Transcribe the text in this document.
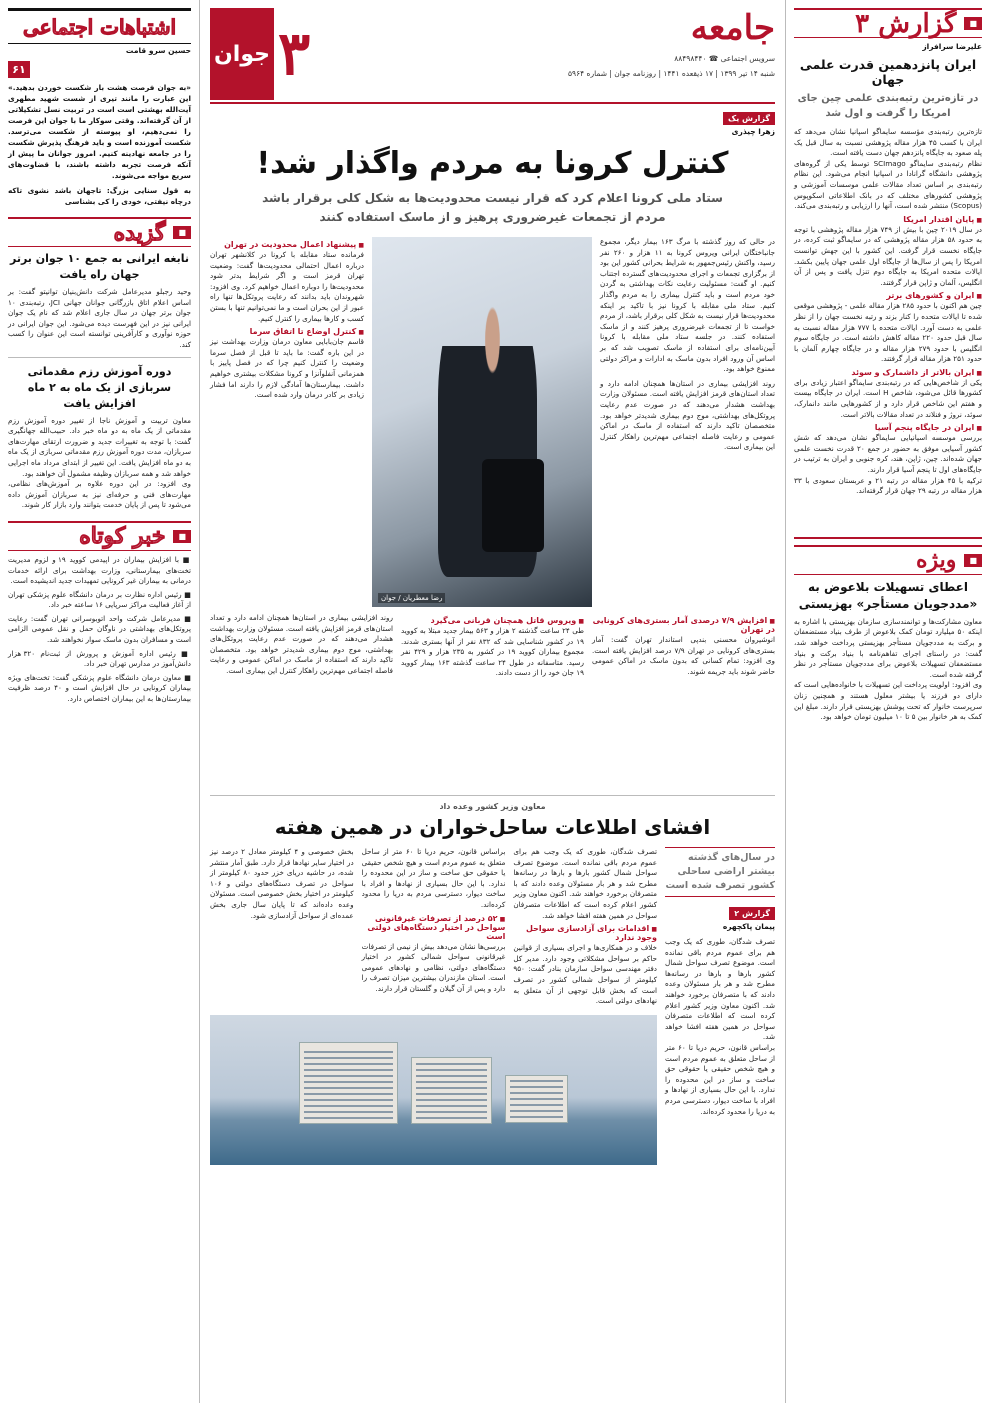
■
گزارش ۳
علیرضا سرافراز
ایران پانزدهمین قدرت علمی جهان
در تازه‌ترین رتبه‌بندی علمی چین جای امریکا را گرفت و اول شد
تازه‌ترین رتبه‌بندی مؤسسه سایماگو اسپانیا نشان می‌دهد که ایران با کسب ۴۵ هزار مقاله پژوهشی نسبت به سال قبل یک پله صعود به جایگاه پانزدهم جهان دست یافته است.
نظام رتبه‌بندی سایماگو SCImago توسط یکی از گروه‌های پژوهشی دانشگاه گرانادا در اسپانیا انجام می‌شود. این نظام رتبه‌بندی بر اساس تعداد مقالات علمی موسسات آموزشی و پژوهشی کشورهای مختلف که در بانک اطلاعاتی اسکوپوس (Scopus) منتشر شده است، آنها را ارزیابی و رتبه‌بندی می‌کند.
■ پایان اقتدار امریکا
در سال ۲۰۱۹ چین با بیش از ۷۴۹ هزار مقاله پژوهشی با توجه به حدود ۵۸ هزار مقاله پژوهشی که در سایماگو ثبت کرده، در جایگاه نخست قرار گرفت. این کشور با این جهش توانست امریکا را پس از سال‌ها از جایگاه اول علمی جهان پایین بکشد. ایالات متحده امریکا به جایگاه دوم تنزل یافت و پس از آن انگلیس، آلمان و ژاپن قرار گرفتند.
■ ایران و کشورهای برتر
چین هم اکنون با حدود ۲۸۵ هزار مقاله علمی - پژوهشی موقعی شده تا ایالات متحده را کنار بزند و رتبه نخست جهان را از نظر علمی به دست آورد. ایالات متحده با ۷۷۷ هزار مقاله نسبت به سال قبل حدود ۲۲۰ مقاله کاهش داشته است. در جایگاه سوم انگلیس با حدود ۲۷۹ هزار مقاله و در جایگاه چهارم آلمان با حدود ۲۵۱ هزار مقاله قرار گرفتند.
■ ایران بالاتر از داشمارک و سوئد
یکی از شاخص‌هایی که در رتبه‌بندی سایماگو اعتبار زیادی برای کشورها قائل می‌شود، شاخص H است. ایران در جایگاه بیست و هفتم این شاخص قرار دارد و از کشورهایی مانند دانمارک، سوئد، نروژ و فنلاند در تعداد مقالات بالاتر است.
■ ایران در جایگاه پنجم آسیا
بررسی موسسه اسپانیایی سایماگو نشان می‌دهد که شش کشور آسیایی موفق به حضور در جمع ۲۰ قدرت نخست علمی جهان شده‌اند. چین، ژاپن، هند، کره جنوبی و ایران به ترتیب در جایگاه‌های اول تا پنجم آسیا قرار دارند.
ترکیه با ۴۵ هزار مقاله در رتبه ۲۱ و عربستان سعودی با ۳۳ هزار مقاله در رتبه ۲۹ جهان قرار گرفته‌اند.
■
ویژه
اعطای تسهیلات بلاعوض به «مددجویان مستأجر» بهزیستی
معاون مشارکت‌ها و توانمندسازی سازمان بهزیستی با اشاره به اینکه ۵۰ میلیارد تومان کمک بلاعوض از طرف بنیاد مستضعفان و برکت به مددجویان مستأجر بهزیستی پرداخت خواهد شد، گفت: در راستای اجرای تفاهم‌نامه با بنیاد برکت و بنیاد مستضعفان تسهیلات بلاعوض برای مددجویان مستأجر در نظر گرفته شده است.
وی افزود: اولویت پرداخت این تسهیلات با خانواده‌هایی است که دارای دو فرزند یا بیشتر معلول هستند و همچنین زنان سرپرست خانوار که تحت پوشش بهزیستی قرار دارند. مبلغ این کمک به هر خانوار بین ۵ تا ۱۰ میلیون تومان خواهد بود.
جامعه
سرویس اجتماعی ☎ ۸۸۴۹۸۴۴۰
شنبه ۱۴ تیر ۱۳۹۹ | ۱۷ ذیقعده ۱۴۴۱ | روزنامه جوان | شماره ۵۹۶۴
۳
جوان
گزارش یک
زهرا چیذری
کنترل کرونا به مردم واگذار شد!
ستاد ملی کرونا اعلام کرد که قرار نیست محدودیت‌ها به شکل کلی برقرار باشد
مردم از تجمعات غیرضروری پرهیز و از ماسک استفاده کنند
در حالی که روز گذشته با مرگ ۱۶۳ بیمار دیگر، مجموع جانباختگان ایرانی ویروس کرونا به ۱۱ هزار و ۲۶۰ نفر رسید، واکنش رئیس‌جمهور به شرایط بحرانی کشور این بود از برگزاری تجمعات و اجرای محدودیت‌های گسترده اجتناب کنیم. او گفت: مسئولیت رعایت نکات بهداشتی به گردن خود مردم است و باید کنترل بیماری را به مردم واگذار کنیم. ستاد ملی مقابله با کرونا نیز با تاکید بر اینکه محدودیت‌ها قرار نیست به شکل کلی برقرار باشد، از مردم خواست تا از تجمعات غیرضروری پرهیز کنند و از ماسک استفاده کنند. در جلسه ستاد ملی مقابله با کرونا آیین‌نامه‌ای برای استفاده از ماسک تصویب شد که بر اساس آن ورود افراد بدون ماسک به ادارات و مراکز دولتی ممنوع خواهد بود.
روند افزایشی بیماری در استان‌ها همچنان ادامه دارد و تعداد استان‌های قرمز افزایش یافته است. مسئولان وزارت بهداشت هشدار می‌دهند که در صورت عدم رعایت پروتکل‌های بهداشتی، موج دوم بیماری شدیدتر خواهد بود. متخصصان تاکید دارند که استفاده از ماسک در اماکن عمومی و رعایت فاصله اجتماعی مهم‌ترین راهکار کنترل این بیماری است.
رضا معطریان / جوان
■ پیشنهاد اعمال محدودیت در تهران
فرمانده ستاد مقابله با کرونا در کلانشهر تهران درباره اعمال احتمالی محدودیت‌ها گفت: وضعیت تهران قرمز است و اگر شرایط بدتر شود محدودیت‌ها را دوباره اعمال خواهیم کرد. وی افزود: شهروندان باید بدانند که رعایت پروتکل‌ها تنها راه عبور از این بحران است و ما نمی‌توانیم تنها با بستن کسب و کارها بیماری را کنترل کنیم.
■ کنترل اوضاع تا اتفاق سرما
قاسم جان‌بابایی معاون درمان وزارت بهداشت نیز در این باره گفت: ما باید تا قبل از فصل سرما وضعیت را کنترل کنیم چرا که در فصل پاییز با همزمانی آنفلوآنزا و کرونا مشکلات بیشتری خواهیم داشت. بیمارستان‌ها آمادگی لازم را دارند اما فشار زیادی بر کادر درمان وارد شده است.
■ افزایش ۷/۹ درصدی آمار بستری‌های کرونایی در تهران
انوشیروان محسنی بندپی استاندار تهران گفت: آمار بستری‌های کرونایی در تهران ۷/۹ درصد افزایش یافته است. وی افزود: تمام کسانی که بدون ماسک در اماکن عمومی حاضر شوند باید جریمه شوند.
■ ویروس قاتل همچنان قربانی می‌گیرد
طی ۲۴ ساعت گذشته ۲ هزار و ۵۶۳ بیمار جدید مبتلا به کووید ۱۹ در کشور شناسایی شد که ۸۳۲ نفر از آنها بستری شدند. مجموع بیماران کووید ۱۹ در کشور به ۲۳۵ هزار و ۴۲۹ نفر رسید. متاسفانه در طول ۲۴ ساعت گذشته ۱۶۳ بیمار کووید ۱۹ جان خود را از دست دادند.
روند افزایشی بیماری در استان‌ها همچنان ادامه دارد و تعداد استان‌های قرمز افزایش یافته است. مسئولان وزارت بهداشت هشدار می‌دهند که در صورت عدم رعایت پروتکل‌های بهداشتی، موج دوم بیماری شدیدتر خواهد بود. متخصصان تاکید دارند که استفاده از ماسک در اماکن عمومی و رعایت فاصله اجتماعی مهم‌ترین راهکار کنترل این بیماری است.
معاون وزیر کشور وعده داد
افشای اطلاعات ساحل‌خواران در همین هفته
در سال‌های گذشته بیشتر اراضی ساحلی کشور تصرف شده است
گزارش ۲
پیمان پاکچهره
تصرف شدگان، طوری که یک وجب هم برای عموم مردم باقی نمانده است. موضوع تصرف سواحل شمال کشور بارها و بارها در رسانه‌ها مطرح شد و هر بار مسئولان وعده دادند که با متصرفان برخورد خواهند شد. اکنون معاون وزیر کشور اعلام کرده است که اطلاعات متصرفان سواحل در همین هفته افشا خواهد شد.
براساس قانون، حریم دریا تا ۶۰ متر از ساحل متعلق به عموم مردم است و هیچ شخص حقیقی یا حقوقی حق ساخت و ساز در این محدوده را ندارد. با این حال بسیاری از نهادها و افراد با ساخت دیوار، دسترسی مردم به دریا را محدود کرده‌اند.
تصرف شدگان، طوری که یک وجب هم برای عموم مردم باقی نمانده است. موضوع تصرف سواحل شمال کشور بارها و بارها در رسانه‌ها مطرح شد و هر بار مسئولان وعده دادند که با متصرفان برخورد خواهند شد. اکنون معاون وزیر کشور اعلام کرده است که اطلاعات متصرفان سواحل در همین هفته افشا خواهد شد.
■ اقدامات برای آزادسازی سواحل وجود ندارد
خلاف و در همکاری‌ها و اجرای بسیاری از قوانین حاکم بر سواحل مشکلاتی وجود دارد. مدیر کل دفتر مهندسی سواحل سازمان بنادر گفت: ۹۵۰ کیلومتر از سواحل شمالی کشور در تصرف است که بخش قابل توجهی از آن متعلق به نهادهای دولتی است.
براساس قانون، حریم دریا تا ۶۰ متر از ساحل متعلق به عموم مردم است و هیچ شخص حقیقی یا حقوقی حق ساخت و ساز در این محدوده را ندارد. با این حال بسیاری از نهادها و افراد با ساخت دیوار، دسترسی مردم به دریا را محدود کرده‌اند.
■ ۵۲ درصد از تصرفات غیرقانونی سواحل در اختیار دستگاه‌های دولتی است
بررسی‌ها نشان می‌دهد بیش از نیمی از تصرفات غیرقانونی سواحل شمالی کشور در اختیار دستگاه‌های دولتی، نظامی و نهادهای عمومی است. استان مازندران بیشترین میزان تصرف را دارد و پس از آن گیلان و گلستان قرار دارند.
بخش خصوصی و ۴ کیلومتر معادل ۲ درصد نیز در اختیار سایر نهادها قرار دارد. طبق آمار منتشر شده، در حاشیه دریای خزر حدود ۸۰ کیلومتر از سواحل در تصرف دستگاه‌های دولتی و ۱۰۶ کیلومتر در اختیار بخش خصوصی است. مسئولان وعده داده‌اند که تا پایان سال جاری بخش عمده‌ای از سواحل آزادسازی شود.
اشتباهات اجتماعی
حسین سرو قامت
۶۱
«به جوان فرصت هشت بار شکست خوردن بدهید.» این عبارت را مانند تیری از شست شهید مطهری آیت‌الله بهشتی است است در تربیت نسل تشکیلاتی از آن گرفته‌اند. وقتی سوکار ما با جوان این فرصت را نمی‌دهیم، او پیوسته از شکست می‌ترسد. شکست آموزنده است و باید فرهنگ پذیرش شکست را در جامعه نهادینه کنیم. امروز جوانان ما پیش از آنکه فرصت تجربه داشته باشند، با قضاوت‌های سریع مواجه می‌شوند.
به قول سنایی بزرگ: تاجهان باشد نشوی تاکه درچاه نیفتی، خودی را کی بشناسی
■
گزیده
نابغه ایرانی به جمع ۱۰ جوان برتر جهان راه یافت
وحید رجبلو مدیرعامل شرکت دانش‌بنیان توانیتو گفت: بر اساس اعلام اتاق بازرگانی جوانان جهانی JCI، رتبه‌بندی ۱۰ جوان برتر جهان در سال جاری اعلام شد که نام یک جوان ایرانی نیز در این فهرست دیده می‌شود. این جوان ایرانی در حوزه نوآوری و کارآفرینی توانسته است این عنوان را کسب کند.
دوره آموزش رزم مقدماتی سربازی از یک ماه به ۲ ماه افزایش یافت
معاون تربیت و آموزش ناجا از تغییر دوره آموزش رزم مقدماتی از یک ماه به دو ماه خبر داد. حبیب‌الله جهانگیری گفت: با توجه به تغییرات جدید و ضرورت ارتقای مهارت‌های سربازان، مدت دوره آموزش رزم مقدماتی سربازی از یک ماه به دو ماه افزایش یافت. این تغییر از ابتدای مرداد ماه اجرایی خواهد شد و همه سربازان وظیفه مشمول آن خواهند بود.
وی افزود: در این دوره علاوه بر آموزش‌های نظامی، مهارت‌های فنی و حرفه‌ای نیز به سربازان آموزش داده می‌شود تا پس از پایان خدمت بتوانند وارد بازار کار شوند.
■
خبر کوتاه
■ با افزایش بیماران در اپیدمی کووید ۱۹ و لزوم مدیریت تخت‌های بیمارستانی، وزارت بهداشت برای ارائه خدمات درمانی به بیماران غیر کرونایی تمهیدات جدید اندیشیده است.
■ رئیس اداره نظارت بر درمان دانشگاه علوم پزشکی تهران از آغاز فعالیت مراکز سرپایی ۱۶ ساعته خبر داد.
■ مدیرعامل شرکت واحد اتوبوسرانی تهران گفت: رعایت پروتکل‌های بهداشتی در ناوگان حمل و نقل عمومی الزامی است و مسافران بدون ماسک سوار نخواهند شد.
■ رئیس اداره آموزش و پرورش از ثبت‌نام ۳۲۰ هزار دانش‌آموز در مدارس تهران خبر داد.
■ معاون درمان دانشگاه علوم پزشکی گفت: تخت‌های ویژه بیماران کرونایی در حال افزایش است و ۴۰ درصد ظرفیت بیمارستان‌ها به این بیماران اختصاص دارد.
